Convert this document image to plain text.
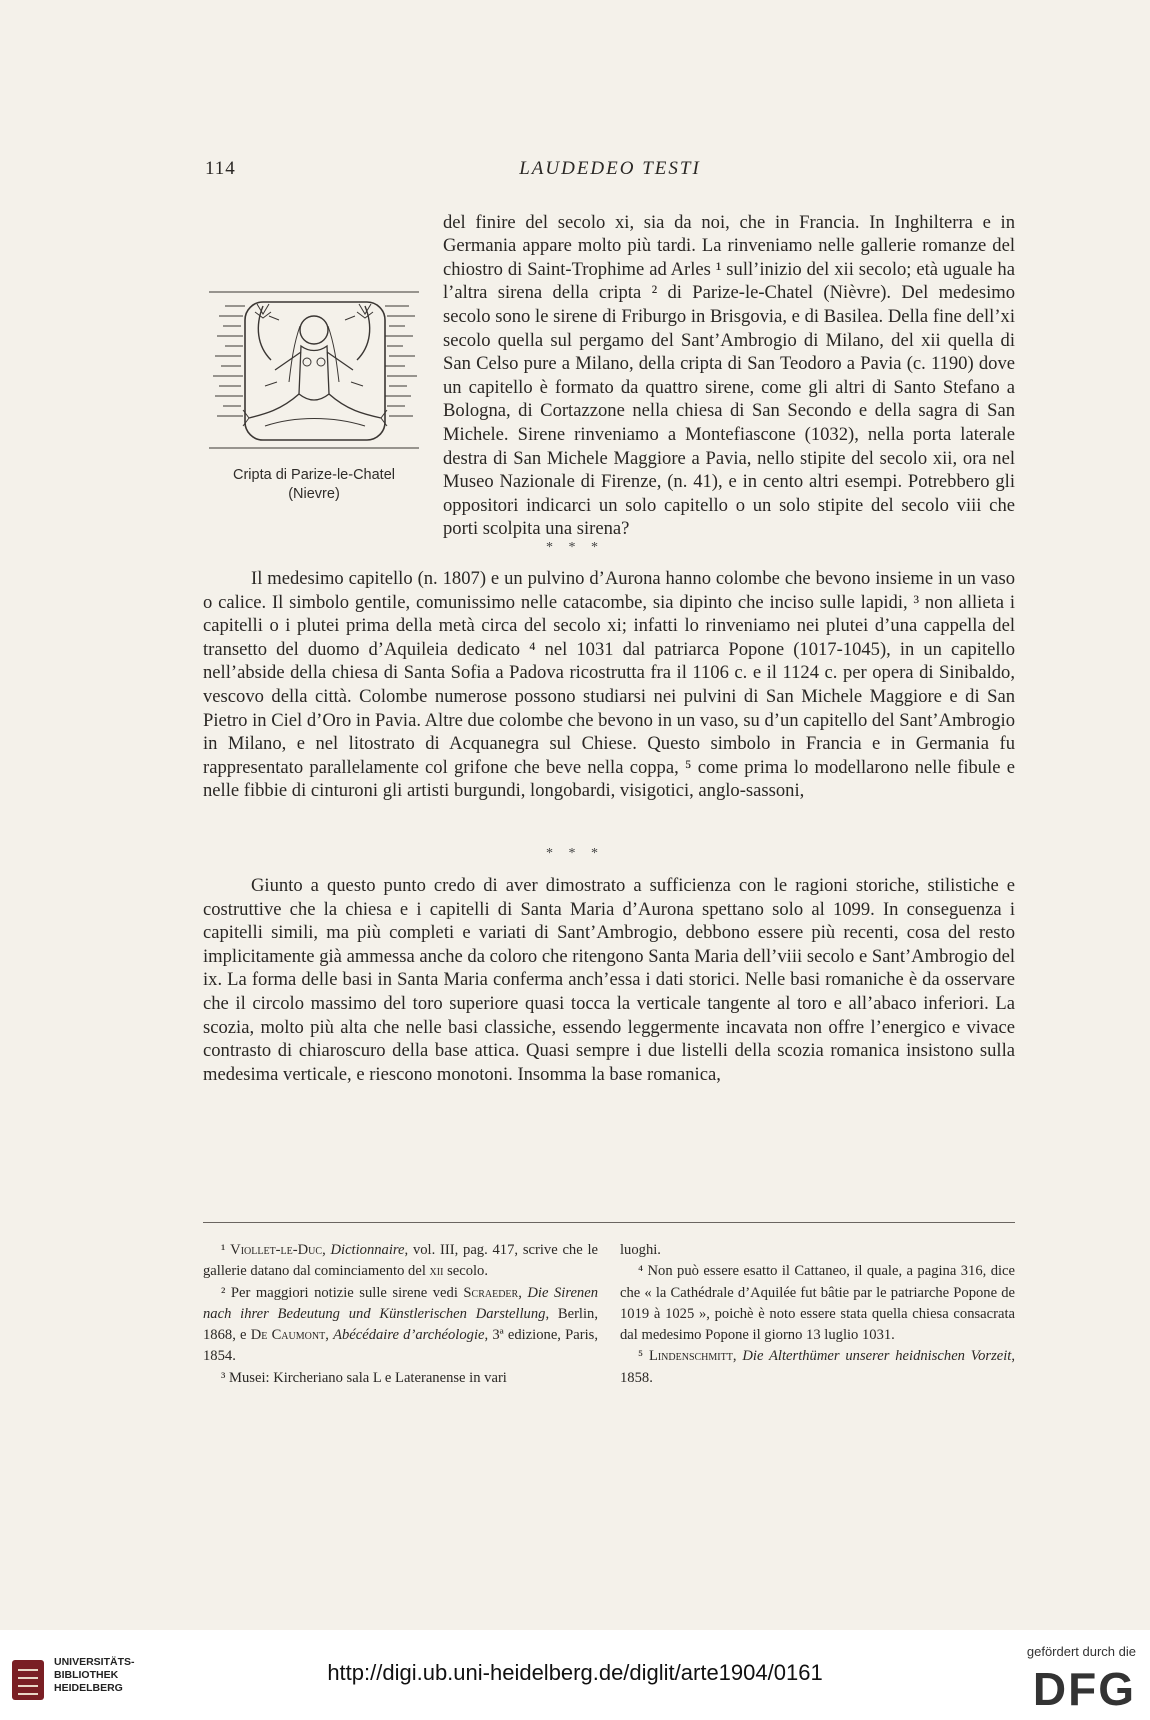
114	LAUDEDEO TESTI
Cripta di Parize-le-Chatel
(Nievre)

del finire del secolo xi, sia da noi, che in Francia. In Inghilterra e in Germania appare molto più tardi. La rinveniamo nelle gallerie romanze del chiostro di Saint-Trophime ad Arles ¹ sull’inizio del xii secolo; età uguale ha l’altra sirena della cripta ² di Parize-le-Chatel (Nièvre). Del medesimo secolo sono le sirene di Friburgo in Brisgovia, e di Basilea. Della fine dell’xi secolo quella sul pergamo del Sant’Ambrogio di Milano, del xii quella di San Celso pure a Milano, della cripta di San Teodoro a Pavia (c. 1190) dove un capitello è formato da quattro sirene, come gli altri di Santo Stefano a Bologna, di Cortazzone nella chiesa di San Secondo e della sagra di San Michele. Sirene rinveniamo a Montefiascone (1032), nella porta laterale destra di San Michele Maggiore a Pavia, nello stipite del secolo xii, ora nel Museo Nazionale di Firenze, (n. 41), e in cento altri esempi. Potrebbero gli oppositori indicarci un solo capitello o un solo stipite del secolo viii che porti scolpita una sirena?

* * *

Il medesimo capitello (n. 1807) e un pulvino d’Aurona hanno colombe che bevono insieme in un vaso o calice. Il simbolo gentile, comunissimo nelle catacombe, sia dipinto che inciso sulle lapidi, ³ non allieta i capitelli o i plutei prima della metà circa del secolo xi; infatti lo rinveniamo nei plutei d’una cappella del transetto del duomo d’Aquileia dedicato ⁴ nel 1031 dal patriarca Popone (1017-1045), in un capitello nell’abside della chiesa di Santa Sofia a Padova ricostrutta fra il 1106 c. e il 1124 c. per opera di Sinibaldo, vescovo della città. Colombe numerose possono studiarsi nei pulvini di San Michele Maggiore e di San Pietro in Ciel d’Oro in Pavia. Altre due colombe che bevono in un vaso, su d’un capitello del Sant’Ambrogio in Milano, e nel litostrato di Acquanegra sul Chiese. Questo simbolo in Francia e in Germania fu rappresentato parallelamente col grifone che beve nella coppa, ⁵ come prima lo modellarono nelle fibule e nelle fibbie di cinturoni gli artisti burgundi, longobardi, visigotici, anglo-sassoni,

* * *

Giunto a questo punto credo di aver dimostrato a sufficienza con le ragioni storiche, stilistiche e costruttive che la chiesa e i capitelli di Santa Maria d’Aurona spettano solo al 1099. In conseguenza i capitelli simili, ma più completi e variati di Sant’Ambrogio, debbono essere più recenti, cosa del resto implicitamente già ammessa anche da coloro che ritengono Santa Maria dell’viii secolo e Sant’Ambrogio del ix. La forma delle basi in Santa Maria conferma anch’essa i dati storici. Nelle basi romaniche è da osservare che il circolo massimo del toro superiore quasi tocca la verticale tangente al toro e all’abaco inferiori. La scozia, molto più alta che nelle basi classiche, essendo leggermente incavata non offre l’energico e vivace contrasto di chiaroscuro della base attica. Quasi sempre i due listelli della scozia romanica insistono sulla medesima verticale, e riescono monotoni. Insomma la base romanica,

¹ Viollet-le-Duc, Dictionnaire, vol. III, pag. 417, scrive che le gallerie datano dal cominciamento del xii secolo.

² Per maggiori notizie sulle sirene vedi Scraeder, Die Sirenen nach ihrer Bedeutung und Künstlerischen Darstellung, Berlin, 1868, e De Caumont, Abécédaire d’archéologie, 3ª edizione, Paris, 1854.

³ Musei: Kircheriano sala L e Lateranense in vari

luoghi.

⁴ Non può essere esatto il Cattaneo, il quale, a pagina 316, dice che « la Cathédrale d’Aquilée fut bâtie par le patriarche Popone de 1019 à 1025 », poichè è noto essere stata quella chiesa consacrata dal medesimo Popone il giorno 13 luglio 1031.

⁵ Lindenschmitt, Die Alterthümer unserer heidnischen Vorzeit, 1858.

UNIVERSITÄTS-
BIBLIOTHEK
HEIDELBERG
http://digi.ub.uni-heidelberg.de/diglit/arte1904/0161
gefördert durch die
DFG
